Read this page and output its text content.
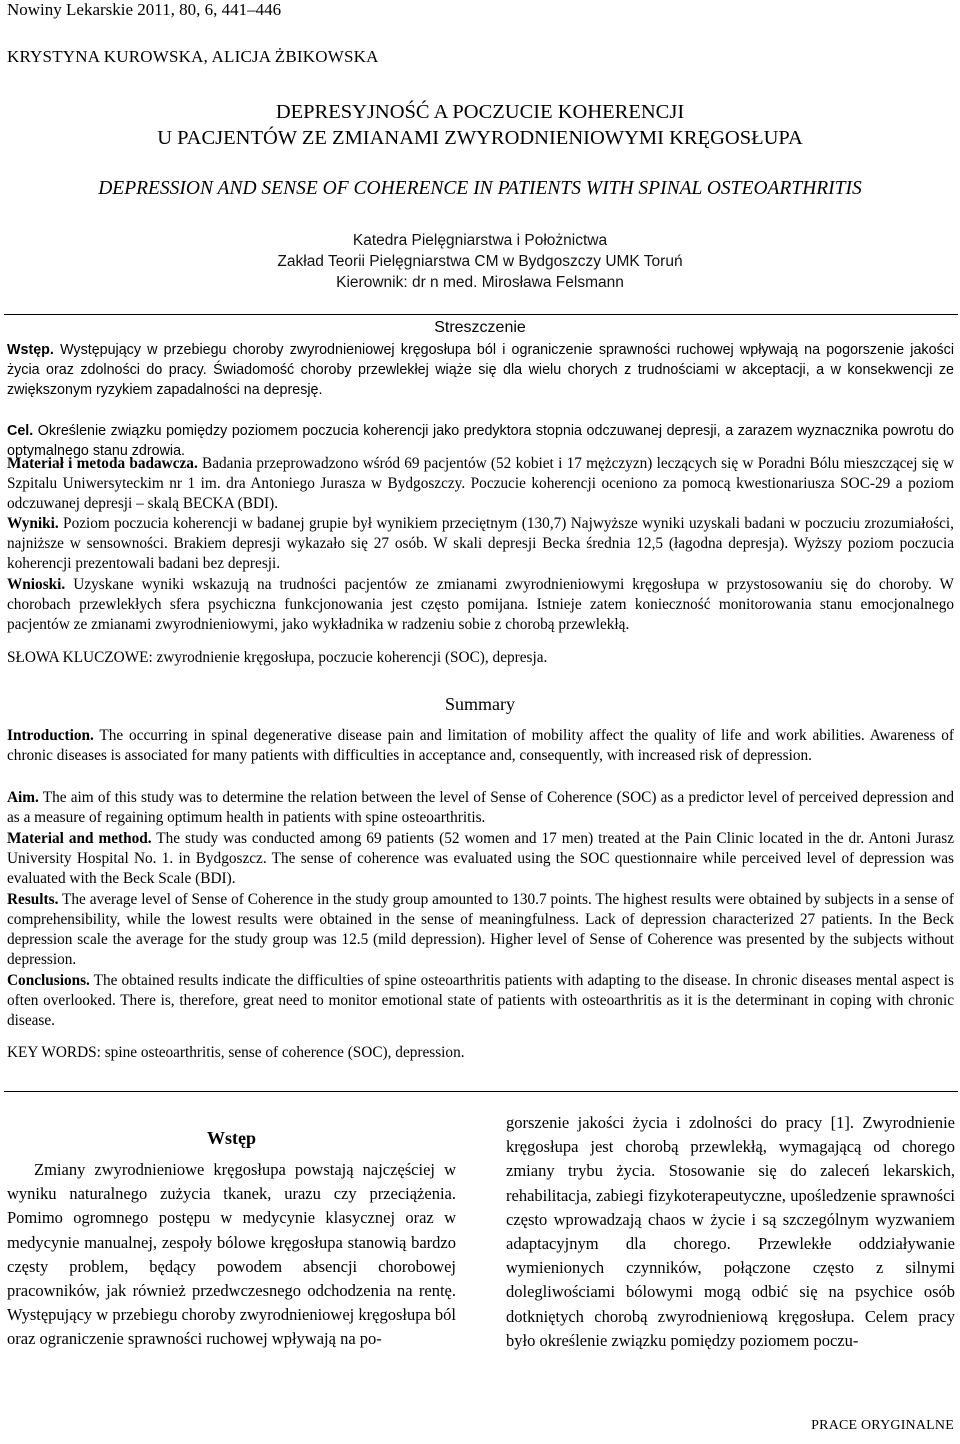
Nowiny Lekarskie 2011, 80, 6, 441–446
KRYSTYNA KUROWSKA, ALICJA ŻBIKOWSKA
DEPRESYJNOŚĆ A POCZUCIE KOHERENCJI
U PACJENTÓW ZE ZMIANAMI ZWYRODNIENIOWYMI KRĘGOSŁUPA
DEPRESSION AND SENSE OF COHERENCE IN PATIENTS WITH SPINAL OSTEOARTHRITIS
Katedra Pielęgniarstwa i Położnictwa
Zakład Teorii Pielęgniarstwa CM w Bydgoszczy UMK Toruń
Kierownik: dr n med. Mirosława Felsmann
Streszczenie
Wstęp. Występujący w przebiegu choroby zwyrodnieniowej kręgosłupa ból i ograniczenie sprawności ruchowej wpływają na pogorszenie jakości życia oraz zdolności do pracy. Świadomość choroby przewlekłej wiąże się dla wielu chorych z trudnościami w akceptacji, a w konsekwencji ze zwiększonym ryzykiem zapadalności na depresję.
Cel. Określenie związku pomiędzy poziomem poczucia koherencji jako predyktora stopnia odczuwanej depresji, a zarazem wyznacznika powrotu do optymalnego stanu zdrowia.
Materiał i metoda badawcza. Badania przeprowadzono wśród 69 pacjentów (52 kobiet i 17 mężczyzn) leczących się w Poradni Bólu mieszczącej się w Szpitalu Uniwersyteckim nr 1 im. dra Antoniego Jurasza w Bydgoszczy. Poczucie koherencji oceniono za pomocą kwestionariusza SOC-29 a poziom odczuwanej depresji – skalą BECKA (BDI).
Wyniki. Poziom poczucia koherencji w badanej grupie był wynikiem przeciętnym (130,7) Najwyższe wyniki uzyskali badani w poczuciu zrozumiałości, najniższe w sensowności. Brakiem depresji wykazało się 27 osób. W skali depresji Becka średnia 12,5 (łagodna depresja). Wyższy poziom poczucia koherencji prezentowali badani bez depresji.
Wnioski. Uzyskane wyniki wskazują na trudności pacjentów ze zmianami zwyrodnieniowymi kręgosłupa w przystosowaniu się do choroby. W chorobach przewlekłych sfera psychiczna funkcjonowania jest często pomijana. Istnieje zatem konieczność monitorowania stanu emocjonalnego pacjentów ze zmianami zwyrodnieniowymi, jako wykładnika w radzeniu sobie z chorobą przewlekłą.
SŁOWA KLUCZOWE: zwyrodnienie kręgosłupa, poczucie koherencji (SOC), depresja.
Summary
Introduction. The occurring in spinal degenerative disease pain and limitation of mobility affect the quality of life and work abilities. Awareness of chronic diseases is associated for many patients with difficulties in acceptance and, consequently, with increased risk of depression.
Aim. The aim of this study was to determine the relation between the level of Sense of Coherence (SOC) as a predictor level of perceived depression and as a measure of regaining optimum health in patients with spine osteoarthritis.
Material and method. The study was conducted among 69 patients (52 women and 17 men) treated at the Pain Clinic located in the dr. Antoni Jurasz University Hospital No. 1. in Bydgoszcz. The sense of coherence was evaluated using the SOC questionnaire while perceived level of depression was evaluated with the Beck Scale (BDI).
Results. The average level of Sense of Coherence in the study group amounted to 130.7 points. The highest results were obtained by subjects in a sense of comprehensibility, while the lowest results were obtained in the sense of meaningfulness. Lack of depression characterized 27 patients. In the Beck depression scale the average for the study group was 12.5 (mild depression). Higher level of Sense of Coherence was presented by the subjects without depression.
Conclusions. The obtained results indicate the difficulties of spine osteoarthritis patients with adapting to the disease. In chronic diseases mental aspect is often overlooked. There is, therefore, great need to monitor emotional state of patients with osteoarthritis as it is the determinant in coping with chronic disease.
KEY WORDS: spine osteoarthritis, sense of coherence (SOC), depression.
Wstęp
Zmiany zwyrodnieniowe kręgosłupa powstają najczęściej w wyniku naturalnego zużycia tkanek, urazu czy przeciążenia. Pomimo ogromnego postępu w medycynie klasycznej oraz w medycynie manualnej, zespoły bólowe kręgosłupa stanowią bardzo częsty problem, będący powodem absencji chorobowej pracowników, jak również przedwczesnego odchodzenia na rentę. Występujący w przebiegu choroby zwyrodnieniowej kręgosłupa ból oraz ograniczenie sprawności ruchowej wpływają na po-
gorszenie jakości życia i zdolności do pracy [1]. Zwyrodnienie kręgosłupa jest chorobą przewlekłą, wymagającą od chorego zmiany trybu życia. Stosowanie się do zaleceń lekarskich, rehabilitacja, zabiegi fizykoterapeutyczne, upośledzenie sprawności często wprowadzają chaos w życie i są szczególnym wyzwaniem adaptacyjnym dla chorego. Przewlekłe oddziaływanie wymienionych czynników, połączone często z silnymi dolegliwościami bólowymi mogą odbić się na psychice osób dotkniętych chorobą zwyrodnieniową kręgosłupa. Celem pracy było określenie związku pomiędzy poziomem poczu-
PRACE ORYGINALNE
